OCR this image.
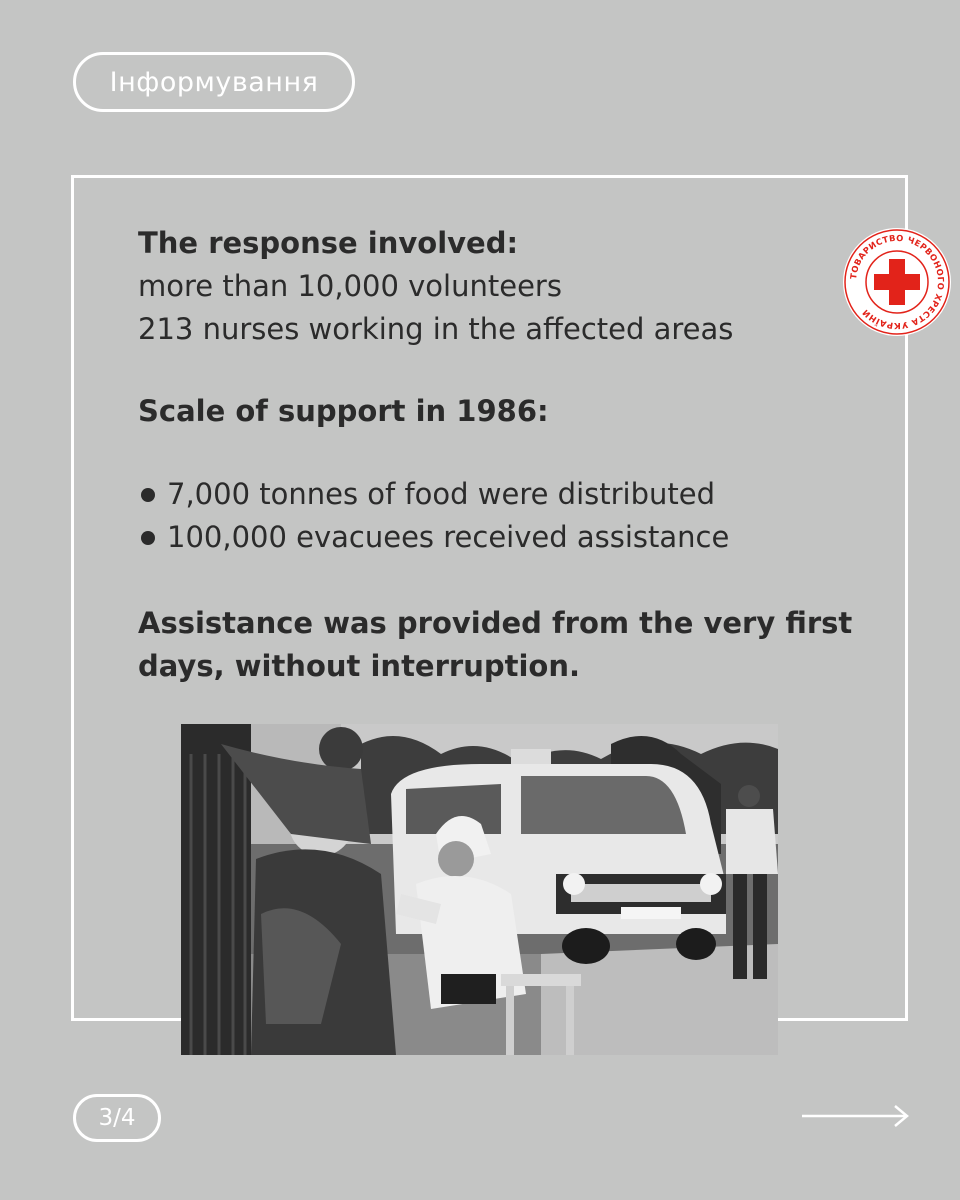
Інформування
The response involved:
more than 10,000 volunteers
213 nurses working in the affected areas
Scale of support in 1986:
7,000 tonnes of food were distributed
100,000 evacuees received assistance
Assistance was provided from the very first
days, without interruption.
ТОВАРИСТВО ЧЕРВОНОГО ХРЕСТА УКРАЇНИ
3/4
